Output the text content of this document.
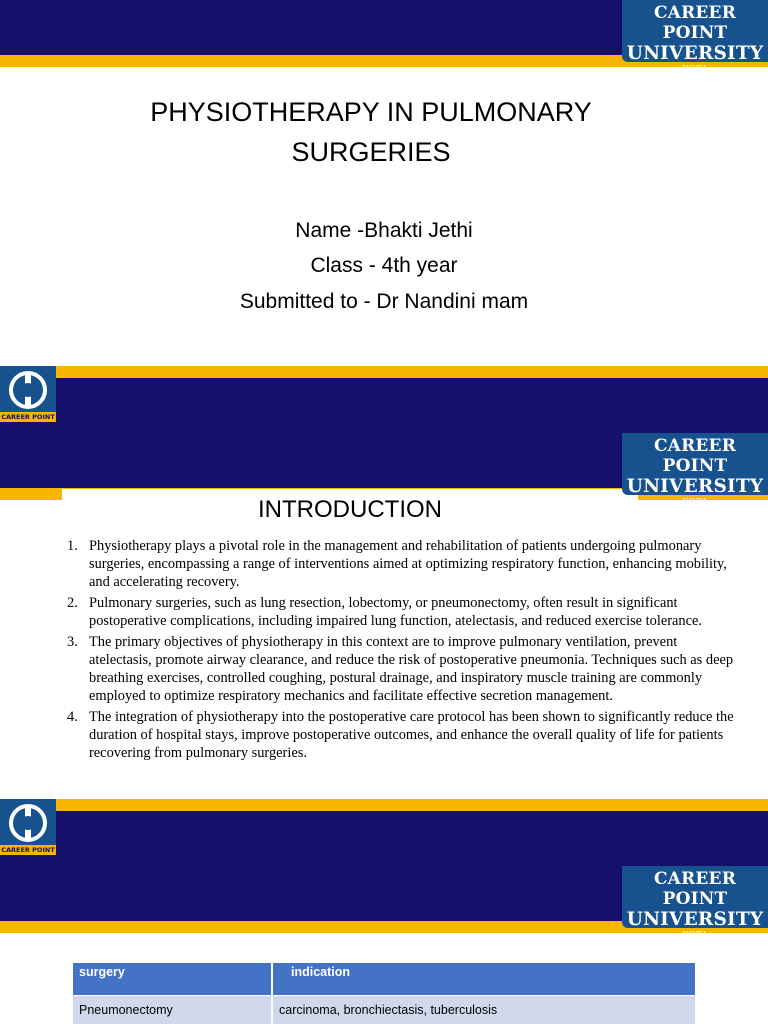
CAREER POINT
UNIVERSITY
KOTA
PHYSIOTHERAPY IN PULMONARY
SURGERIES
Name -Bhakti Jethi
Class - 4th year
Submitted to - Dr Nandini mam
CAREER POINT
CAREER POINT
UNIVERSITY
KOTA
INTRODUCTION
1. Physiotherapy plays a pivotal role in the management and rehabilitation of patients undergoing pulmonary surgeries, encompassing a range of interventions aimed at optimizing respiratory function, enhancing mobility, and accelerating recovery.
2. Pulmonary surgeries, such as lung resection, lobectomy, or pneumonectomy, often result in significant postoperative complications, including impaired lung function, atelectasis, and reduced exercise tolerance.
3. The primary objectives of physiotherapy in this context are to improve pulmonary ventilation, prevent atelectasis, promote airway clearance, and reduce the risk of postoperative pneumonia. Techniques such as deep breathing exercises, controlled coughing, postural drainage, and inspiratory muscle training are commonly employed to optimize respiratory mechanics and facilitate effective secretion management.
4. The integration of physiotherapy into the postoperative care protocol has been shown to significantly reduce the duration of hospital stays, improve postoperative outcomes, and enhance the overall quality of life for patients recovering from pulmonary surgeries.
CAREER POINT
CAREER POINT
UNIVERSITY
KOTA
surgery	indication
Pneumonectomy	carcinoma, bronchiectasis, tuberculosis
